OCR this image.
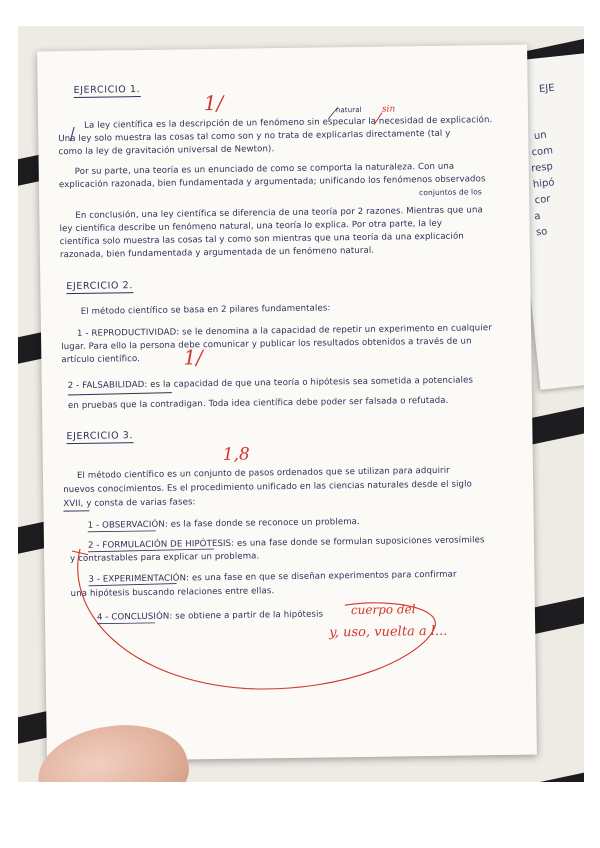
EJE
un
com
resp
hipó
cor
a
so
EJERCICIO 1.
1/	natural sin
La ley científica es la descripción de un fenómeno sin especular la necesidad de explicación.
Una ley solo muestra las cosas tal como son y no trata de explicarlas directamente (tal y
como la ley de gravitación universal de Newton).
Por su parte, una teoría es un enunciado de como se comporta la naturaleza. Con una
explicación razonada, bien fundamentada y argumentada; unificando los fenómenos observados
conjuntos de los
En conclusión, una ley científica se diferencia de una teoría por 2 razones. Mientras que una
ley científica describe un fenómeno natural, una teoría lo explica. Por otra parte, la ley
científica solo muestra las cosas tal y como son mientras que una teoría da una explicación
razonada, bien fundamentada y argumentada de un fenómeno natural.
EJERCICIO 2.
El método científico se basa en 2 pilares fundamentales:
1 - REPRODUCTIVIDAD: se le denomina a la capacidad de repetir un experimento en cualquier
lugar. Para ello la persona debe comunicar y publicar los resultados obtenidos a través de un
artículo científico. 1/
2 - FALSABILIDAD: es la capacidad de que una teoría o hipótesis sea sometida a potenciales
en pruebas que la contradigan. Toda idea científica debe poder ser falsada o refutada.
EJERCICIO 3.
1,8
El método científico es un conjunto de pasos ordenados que se utilizan para adquirir
nuevos conocimientos. Es el procedimiento unificado en las ciencias naturales desde el siglo
XVII, y consta de varias fases:
1 - OBSERVACIÓN: es la fase donde se reconoce un problema.
2 - FORMULACIÓN DE HIPÓTESIS: es una fase donde se formulan suposiciones verosímiles
y contrastables para explicar un problema.
3 - EXPERIMENTACIÓN: es una fase en que se diseñan experimentos para confirmar
una hipótesis buscando relaciones entre ellas.
4 - CONCLUSIÓN: se obtiene a partir de la hipótesis cuerpo del
y, uso, vuelta a l...
